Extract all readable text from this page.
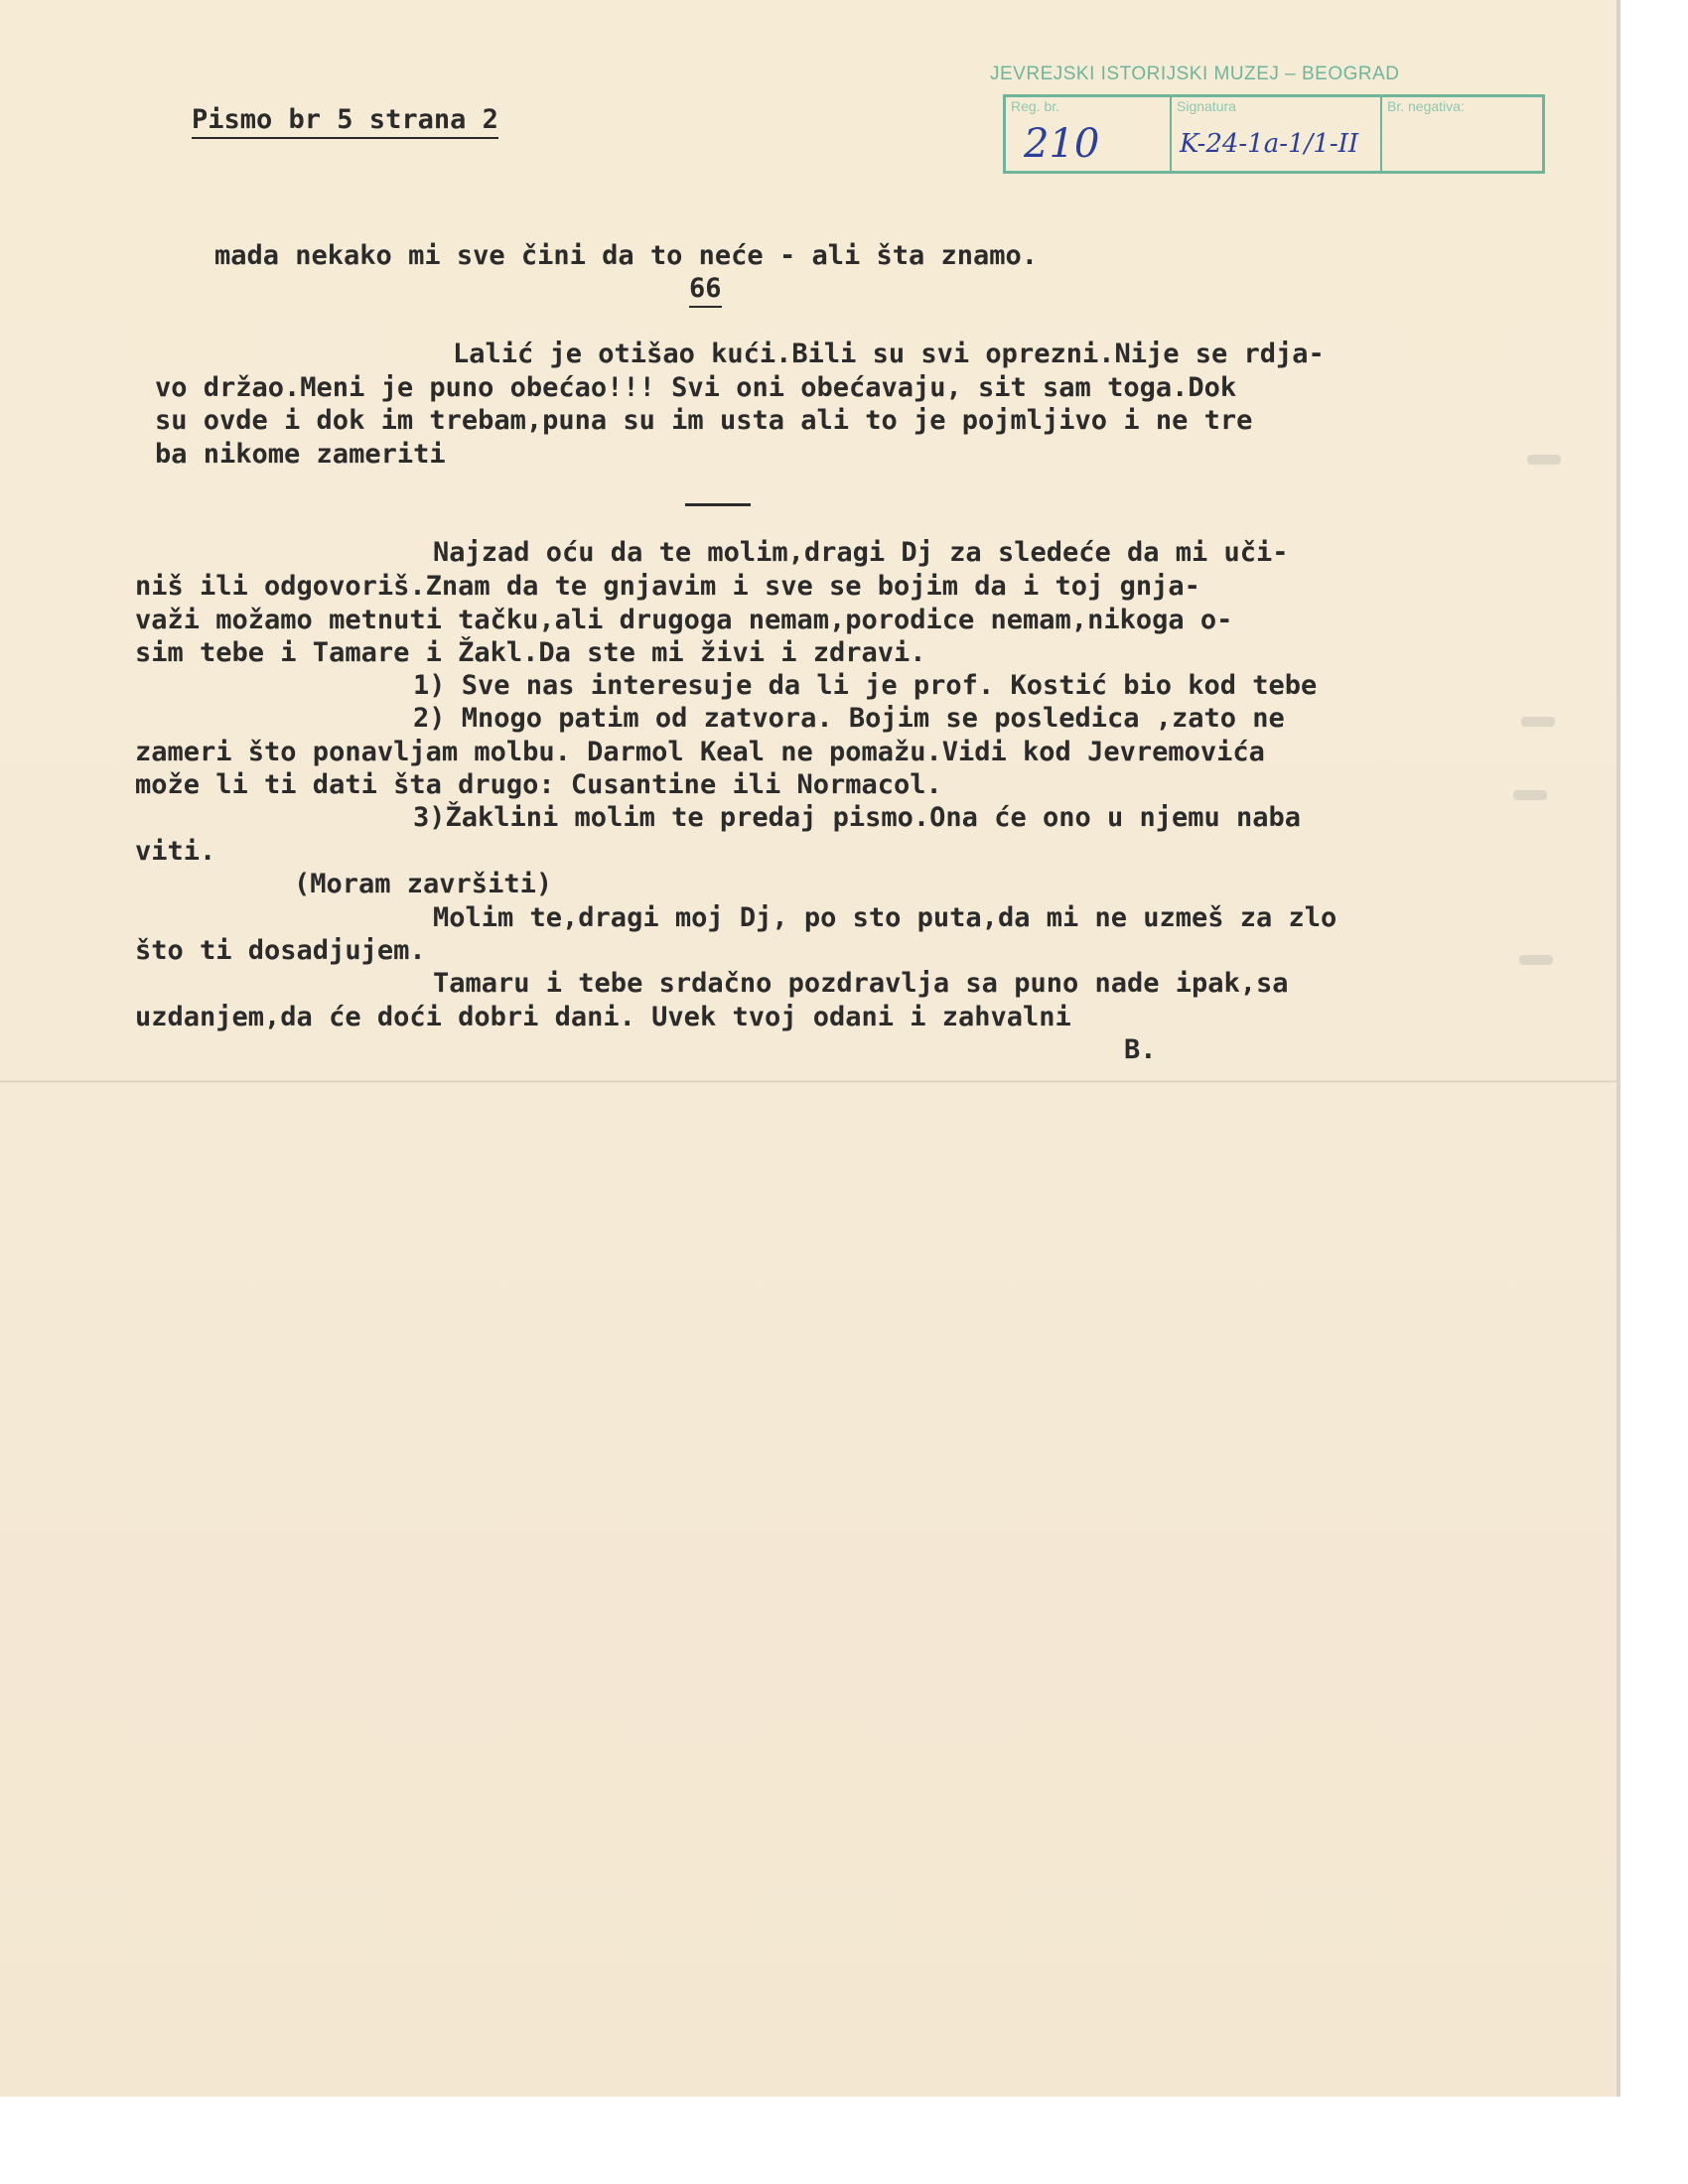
JEVREJSKI ISTORIJSKI MUZEJ – BEOGRAD
Reg. br.
210
Signatura
K-24-1a-1/1-II
Br. negativa:
Pismo br 5 strana 2
mada nekako mi sve čini da to neće - ali šta znamo.
66
Lalić je otišao kući.Bili su svi oprezni.Nije se rdja-
vo držao.Meni je puno obećao!!! Svi oni obećavaju, sit sam toga.Dok
su ovde i dok im trebam,puna su im usta ali to je pojmljivo i ne tre
ba nikome zameriti
Najzad oću da te molim,dragi Dj za sledeće da mi uči-
niš ili odgovoriš.Znam da te gnjavim i sve se bojim da i toj gnja-
važi možamo metnuti tačku,ali drugoga nemam,porodice nemam,nikoga o-
sim tebe i Tamare i Žakl.Da ste mi živi i zdravi.
1) Sve nas interesuje da li je prof. Kostić bio kod tebe
2) Mnogo patim od zatvora. Bojim se posledica ,zato ne
zameri što ponavljam molbu. Darmol Keal ne pomažu.Vidi kod Jevremovića
može li ti dati šta drugo: Cusantine ili Normacol.
3)Žaklini molim te predaj pismo.Ona će ono u njemu naba
viti.
(Moram završiti)
Molim te,dragi moj Dj, po sto puta,da mi ne uzmeš za zlo
što ti dosadjujem.
Tamaru i tebe srdačno pozdravlja sa puno nade ipak,sa
uzdanjem,da će doći dobri dani. Uvek tvoj odani i zahvalni
B.
